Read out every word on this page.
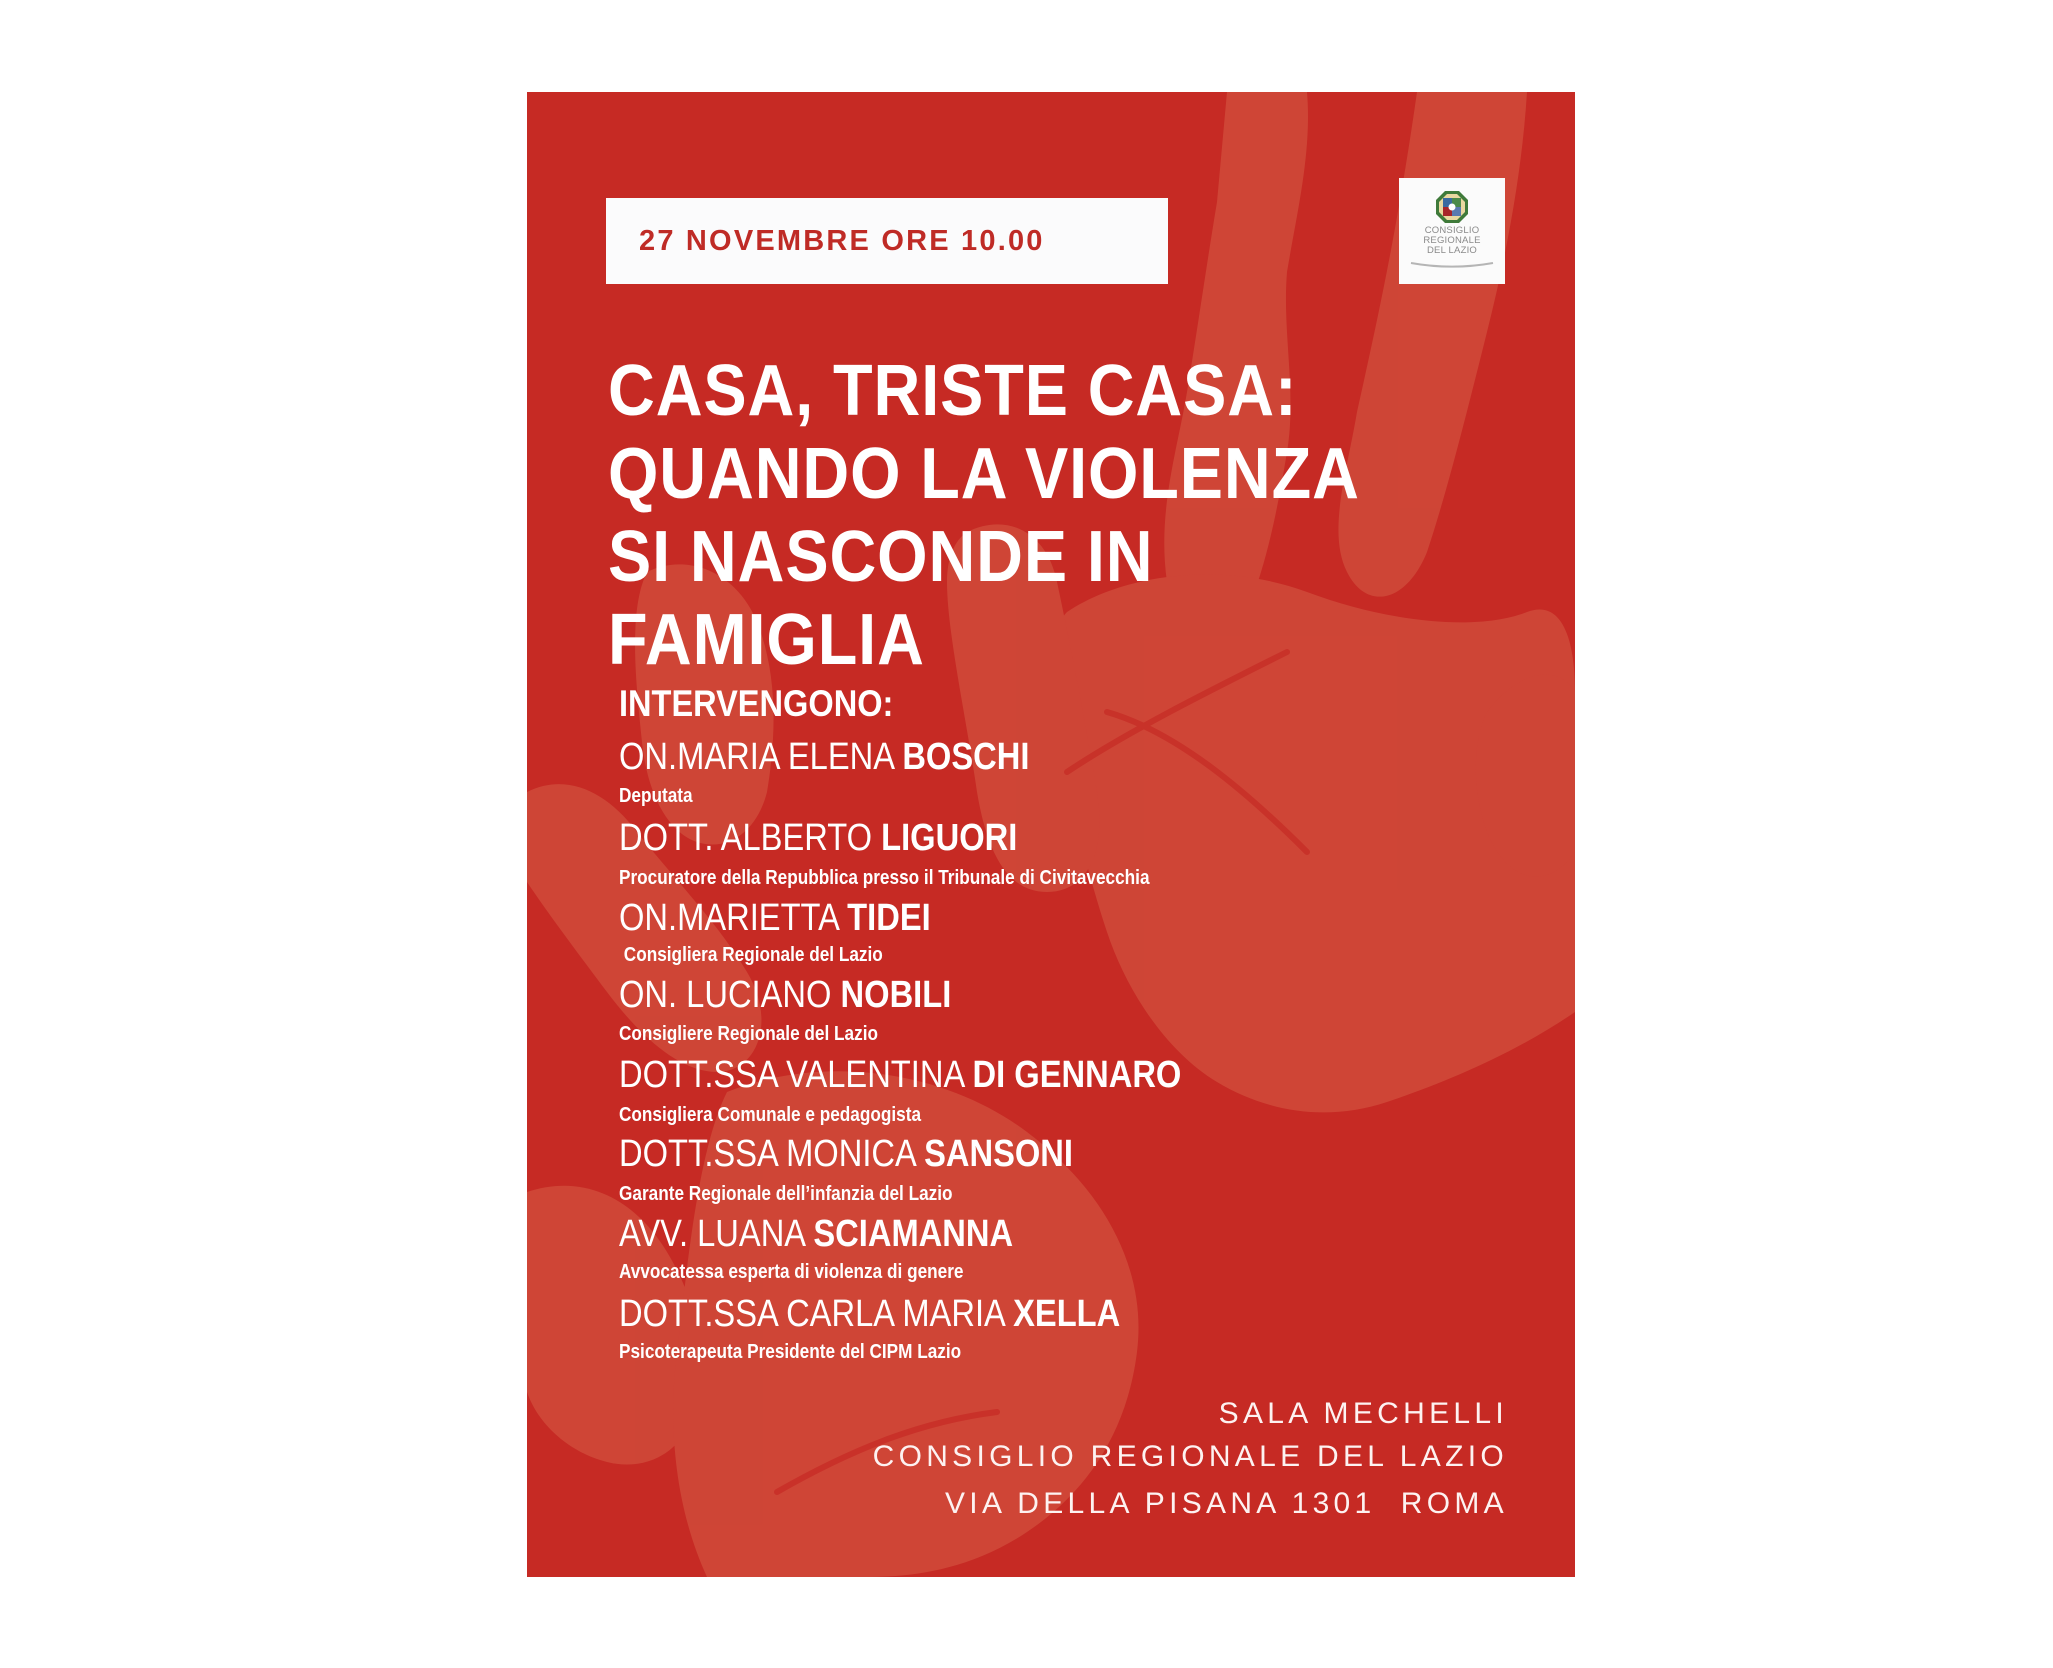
27 NOVEMBRE ORE 10.00	CONSIGLIO
REGIONALE
DEL LAZIO
CASA, TRISTE CASA:
QUANDO LA VIOLENZA
SI NASCONDE IN
FAMIGLIA
INTERVENGONO:
ON.MARIA ELENA BOSCHI
Deputata
DOTT. ALBERTO LIGUORI
Procuratore della Repubblica presso il Tribunale di Civitavecchia
ON.MARIETTA TIDEI
Consigliera Regionale del Lazio
ON. LUCIANO NOBILI
Consigliere Regionale del Lazio
DOTT.SSA VALENTINA DI GENNARO
Consigliera Comunale e pedagogista
DOTT.SSA MONICA SANSONI
Garante Regionale dell’infanzia del Lazio
AVV. LUANA SCIAMANNA
Avvocatessa esperta di violenza di genere
DOTT.SSA CARLA MARIA XELLA
Psicoterapeuta Presidente del CIPM Lazio
SALA MECHELLI
CONSIGLIO REGIONALE DEL LAZIO
VIA DELLA PISANA 1301  ROMA
